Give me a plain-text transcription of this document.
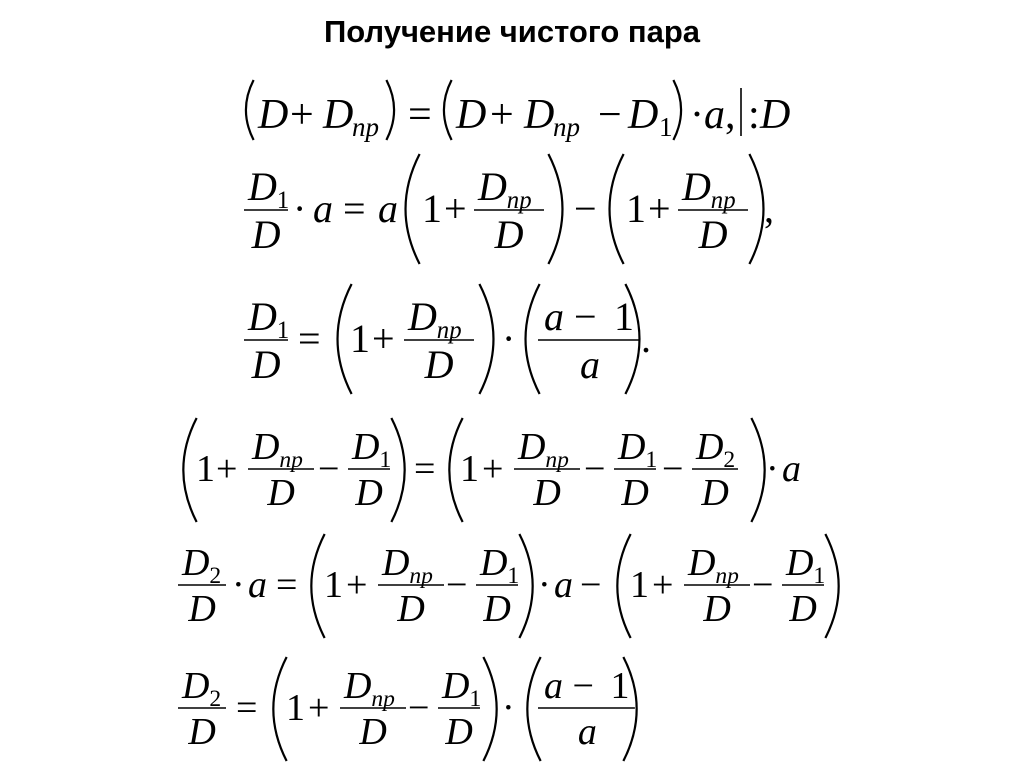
Получение чистого пара
D + D
пр = D + D
пр − D 1 · a , : D
D 1
D
· a = a 1 + D пр
D
− 1 + D пр
D
,
D 1
D
= 1 + D пр
D
· a − 1
a
.
1 +
D пр
D
−
D 1
D
= 1 +
D пр
D
−
D 1
D
−
D 2
D
· a
D 2
D
· a = 1 +
D пр
D
−
D 1
D
· a − 1 +
D пр
D
−
D 1
D
D 2
D
= 1 +
D пр
D
−
D 1
D
·
a − 1
a
